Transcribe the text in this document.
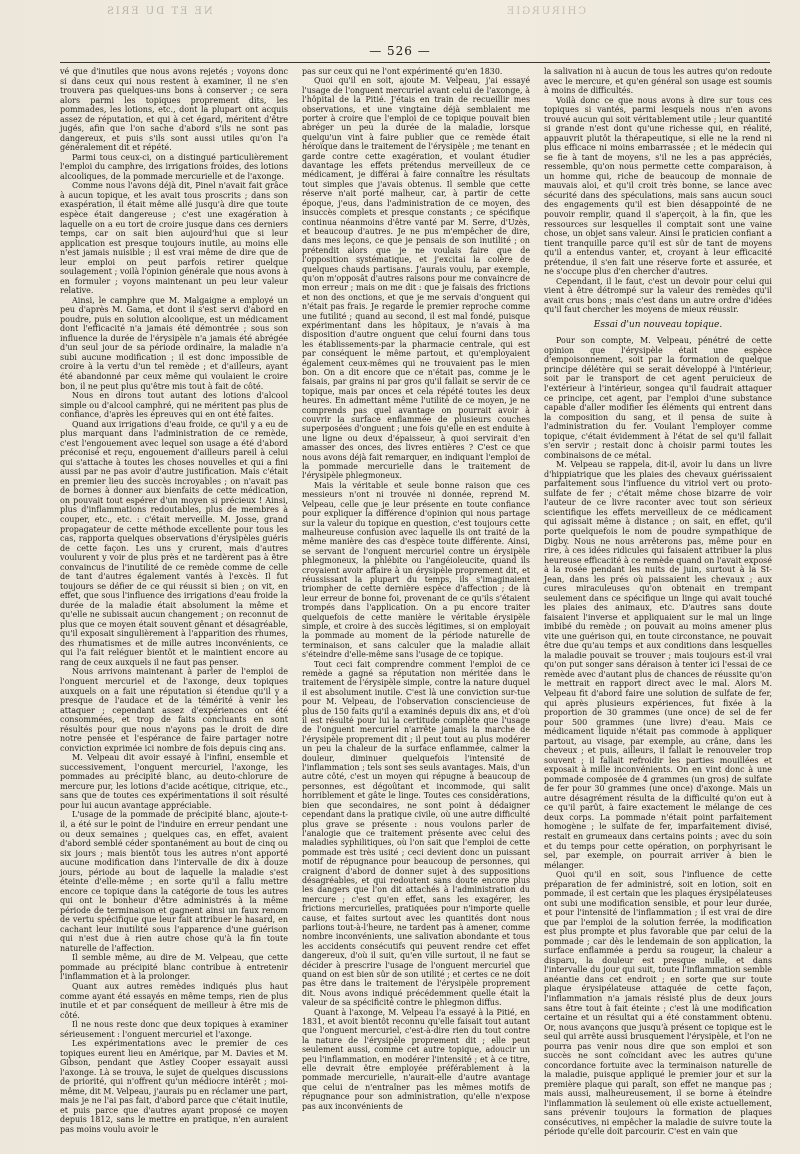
NE ET DU ERIS	CHIRURGIE
— 526 —

vé que d'inutiles que nous avons rejetés ; voyons donc si dans ceux qui nous restent à examiner, il ne s'en trouvera pas quelques-uns bons à conserver ; ce sera alors parmi les topiques proprement dits, les pommades, les lotions, etc., dont la plupart ont acquis assez de réputation, et qui à cet égard, méritent d'être jugés, afin que l'on sache d'abord s'ils ne sont pas dangereux, et puis s'ils sont aussi utiles qu'on l'a généralement dit et répété.

Parmi tous ceux-ci, on a distingué particulièrement l'emploi du camphre, des irrigations froides, des lotions alcooliques, de la pommade mercurielle et de l'axonge.

Comme nous l'avons déjà dit, Pinel n'avait fait grâce à aucun topique, et les avait tous proscrits ; dans son exaspération, il était même allé jusqu'à dire que toute espèce était dangereuse ; c'est une exagération à laquelle on a eu tort de croire jusque dans ces derniers temps, car on sait bien aujourd'hui que si leur application est presque toujours inutile, au moins elle n'est jamais nuisible ; il est vrai même de dire que de leur emploi on peut parfois retirer quelque soulagement ; voilà l'opinion générale que nous avons à en formuler ; voyons maintenant un peu leur valeur relative.

Ainsi, le camphre que M. Malgaigne a employé un peu d'après M. Gama, et dont il s'est servi d'abord en poudre, puis en solution alcoolique, est un médicament dont l'efficacité n'a jamais été démontrée ; sous son influence la durée de l'érysipèle n'a jamais été abrégée d'un seul jour de sa période ordinaire, la maladie n'a subi aucune modification ; il est donc impossible de croire à la vertu d'un tel remède ; et d'ailleurs, ayant été abandonné par ceux même qui voulaient le croire bon, il ne peut plus qu'être mis tout à fait de côté.

Nous en dirons tout autant des lotions d'alcool simple ou d'alcool camphré, qui ne méritent pas plus de confiance, d'après les épreuves qui en ont été faites.

Quand aux irrigations d'eau froide, ce qu'il y a eu de plus marquant dans l'administration de ce remède, c'est l'engouement avec lequel son usage a été d'abord préconisé et reçu, engouement d'ailleurs pareil à celui qui s'attache à toutes les choses nouvelles et qui a fini aussi par ne pas avoir d'autre justification. Mais c'était en premier lieu des succès incroyables ; on n'avait pas de bornes à donner aux bienfaits de cette médication, on pouvait tout espérer d'un moyen si précieux ! Ainsi, plus d'inflammations redoutables, plus de membres à couper, etc., etc. : c'était merveille. M. Josse, grand propagateur de cette méthode excellente pour tous les cas, rapporta quelques observations d'érysipèles guéris de cette façon. Les uns y crurent, mais d'autres voulurent y voir de plus près et ne tardèrent pas à être convaincus de l'inutilité de ce remède comme de celle de tant d'autres également vantés à l'excès. Il fut toujours se défier de ce qui réussit si bien ; on vit, en effet, que sous l'influence des irrigations d'eau froide la durée de la maladie était absolument la même et qu'elle ne subissait aucun changement ; on reconnut de plus que ce moyen était souvent gênant et désagréable, qu'il exposait singulièrement à l'apparition des rhumes, des rhumatismes et de mille autres inconvénients, ce qui l'a fait reléguer bientôt et le maintient encore au rang de ceux auxquels il ne faut pas penser.

Nous arrivons maintenant à parler de l'emploi de l'onguent mercuriel et de l'axonge, deux topiques auxquels on a fait une réputation si étendue qu'il y a presque de l'audace et de la témérité à venir les attaquer ; cependant assez d'expériences ont été consommées, et trop de faits concluants en sont résultés pour que nous n'ayons pas le droit de dire notre pensée et l'espérance de faire partager notre conviction exprimée ici nombre de fois depuis cinq ans.

M. Velpeau dit avoir essayé à l'infini, ensemble et successivement, l'onguent mercuriel, l'axonge, les pommades au précipité blanc, au deuto-chlorure de mercure pur, les lotions d'acide acétique, citrique, etc., sans que de toutes ces expérimentations il soit résulté pour lui aucun avantage appréciable.

L'usage de la pommade de précipité blanc, ajoute-t-il, a été sur le point de l'induire en erreur pendant une ou deux semaines ; quelques cas, en effet, avaient d'abord semblé céder spontanément au bout de cinq ou six jours ; mais bientôt tous les autres n'ont apporté aucune modification dans l'intervalle de dix à douze jours, période au bout de laquelle la maladie s'est éteinte d'elle-même ; en sorte qu'il a fallu mettre encore ce topique dans la catégorie de tous les autres qui ont le bonheur d'être administrés à la même période de terminaison et gagnent ainsi un faux renom de vertu spécifique que leur fait attribuer le hasard, en cachant leur inutilité sous l'apparence d'une guérison qui n'est due à rien autre chose qu'à la fin toute naturelle de l'affection.

Il semble même, au dire de M. Velpeau, que cette pommade au précipité blanc contribue à entretenir l'inflammation et à la prolonger.

Quant aux autres remèdes indiqués plus haut comme ayant été essayés en même temps, rien de plus inutile et et par conséquent de meilleur à être mis de côté.

Il ne nous reste donc que deux topiques à examiner sérieusement : l'onguent mercuriel et l'axonge.

Les expérimentations avec le premier de ces topiques eurent lieu en Amérique, par M. Davies et M. Gibson, pendant que Astley Cooper essayait aussi l'axonge. Là se trouva, le sujet de quelques discussions de priorité, qui n'offrent qu'un médiocre intérêt ; moi-même, dit M. Velpeau, j'aurais pu en réclamer une part, mais je ne l'ai pas fait, d'abord parce que c'était inutile, et puis parce que d'autres ayant proposé ce moyen depuis 1812, sans le mettre en pratique, n'en auraient pas moins voulu avoir le

pas sur ceux qui ne l'ont expérimenté qu'en 1830.

Quoi qu'il en soit, ajoute M. Velpeau, j'ai essayé l'usage de l'onguent mercuriel avant celui de l'axonge, à l'hôpital de la Pitié. J'étais en train de recueillir mes observations, et une vingtaine déjà semblaient me porter à croire que l'emploi de ce topique pouvait bien abréger un peu la durée de la maladie, lorsque quelqu'un vint à faire publier que ce remède était héroïque dans le traitement de l'érysipèle ; me tenant en garde contre cette exagération, et voulant étudier davantage les effets prétendus merveilleux de ce médicament, je différai à faire connaître les résultats tout simples que j'avais obtenus. Il semble que cette réserve n'ait porté malheur, car, à partir de cette époque, j'eus, dans l'administration de ce moyen, des insuccès complets et presque constants ; ce spécifique continua néanmoins d'être vanté par M. Serre, d'Uzès, et beaucoup d'autres. Je ne pus m'empêcher de dire, dans mes leçons, ce que je pensais de son inutilité ; on prétendit alors que je ne voulais faire que de l'opposition systématique, et j'excitai la colère de quelques chauds partisans. J'aurais voulu, par exemple, qu'on m'opposât d'autres raisons pour me convaincre de mon erreur ; mais on me dit : que je faisais des frictions et non des onctions, et que je me servais d'onguent qui n'était pas frais. Je regarde le premier reproche comme une futilité ; quand au second, il est mal fondé, puisque expérimentant dans les hôpitaux, je n'avais à ma disposition d'autre onguent que celui fourni dans tous les établissements-par la pharmacie centrale, qui est par conséquent le même partout, et qu'employaient également ceux-mêmes qui ne trouvaient pas le mien bon. On a dit encore que ce n'était pas, comme je le faisais, par grains ni par gros qu'il fallait se servir de ce topique, mais par onces et cela répété toutes les deux heures. En admettant même l'utilité de ce moyen, je ne comprends pas quel avantage on pourrait avoir à couvrir la surface enflammée de plusieurs couches superposées d'onguent ; une fois qu'elle en est enduite à une ligne ou deux d'épaisseur, à quoi servirait d'en amasser des onces, des livres entières ? C'est ce que nous avons déjà fait remarquer, en indiquant l'emploi de la pommade mercurielle dans le traitement de l'érysipèle phlegmoneux.

Mais la véritable et seule bonne raison que ces messieurs n'ont ni trouvée ni donnée, reprend M. Velpeau, celle que je leur présente en toute confiance pour expliquer la différence d'opinion qui nous partage sur la valeur du topique en question, c'est toujours cette malheureuse confusion avec laquelle ils ont traité de la même manière des cas d'espèce toute différente. Ainsi, se servant de l'onguent mercuriel contre un érysipèle phlegmoneux, la phlébite ou l'angéioleucite, quand ils croyaient avoir affaire à un érysipèle proprement dit, et réussissant la plupart du temps, ils s'imaginaient triompher de cette dernière espèce d'affection ; de là leur erreur de bonne foi, provenant de ce qu'ils s'étaient trompés dans l'application. On a pu encore traiter quelquefois de cette manière le véritable érysipèle simple, et croire à des succès légitimes, si on employait la pommade au moment de la période naturelle de terminaison, et sans calculer que la maladie allait s'éteindre d'elle-même sans l'usage de ce topique.

Tout ceci fait comprendre comment l'emploi de ce remède a gagné sa réputation non méritée dans le traitement de l'érysipèle simple, contre la nature duquel il est absolument inutile. C'est là une conviction sur-tue pour M. Velpeau, de l'observation consciencieuse de plus de 150 faits qu'il a examinés depuis dix ans, et d'où il est résulté pour lui la certitude complète que l'usage de l'onguent mercuriel n'arrête jamais la marche de l'érysipèle proprement dit ; il peut tout au plus modérer un peu la chaleur de la surface enflammée, calmer la douleur, diminuer quelquefois l'intensité de l'inflammation ; tels sont ses seuls avantages. Mais, d'un autre côté, c'est un moyen qui répugne à beaucoup de personnes, est dégoûtant et incommode, qui salit horriblement et gâte le linge. Toutes ces considérations, bien que secondaires, ne sont point à dédaigner cependant dans la pratique civile, où une autre difficulté plus grave se présente : nous voulons parler de l'analogie que ce traitement présente avec celui des maladies syphilitiques, où l'on sait que l'emploi de cette pommade est très usité ; ceci devient donc un puissant motif de répugnance pour beaucoup de personnes, qui craignent d'abord de donner sujet à des suppositions désagréables, et qui redoutent sans doute encore plus les dangers que l'on dit attachés à l'administration du mercure ; c'est qu'en effet, sans les exagérer, les frictions mercurielles, pratiquées pour n'importe quelle cause, et faites surtout avec les quantités dont nous parlions tout-à-l'heure, ne tardent pas à amener, comme nombre inconvénients, une salivation abondante et tous les accidents consécutifs qui peuvent rendre cet effet dangereux, d'où il suit, qu'en ville surtout, il ne faut se décider à prescrire l'usage de l'onguent mercuriel que quand on est bien sûr de son utilité ; et certes ce ne doit pas être dans le traitement de l'érysipèle proprement dit. Nous avons indiqué précédemment quelle était la valeur de sa spécificité contre le phlegmon diffus.

Quant à l'axonge, M. Velpeau l'a essayé à la Pitié, en 1831, et avoit bientôt reconnu qu'elle faisait tout autant que l'onguent mercuriel, c'est-à-dire rien du tout contre la nature de l'érysipèle proprement dit ; elle peut seulement aussi, comme cet autre topique, adoucir un peu l'inflammation, en modérer l'intensité ; et à ce titre, elle devrait être employée préférablement à la pommade mercurielle, n'aurait-elle d'autre avantage que celui de n'entraîner pas les mêmes motifs de répugnance pour son administration, qu'elle n'expose pas aux inconvénients de

la salivation ni à aucun de tous les autres qu'on redoute avec le mercure, et qu'en général son usage est soumis à moins de difficultés.

Voilà donc ce que nous avons à dire sur tous ces topiques si vantés, parmi lesquels nous n'en avons trouvé aucun qui soit véritablement utile ; leur quantité si grande n'est dont qu'une richesse qui, en réalité, appauvrit plutôt la thérapeutique, si elle ne la rend ni plus efficace ni moins embarrassée ; et le médecin qui se fie à tant de moyens, s'il ne les a pas appréciés, ressemble, qu'on nous permette cette comparaison, à un homme qui, riche de beaucoup de monnaie de mauvais aloi, et qu'il croit très bonne, se lance avec sécurité dans des spéculations, mais sans aucun souci des engagements qu'il est bien désappointé de ne pouvoir remplir, quand il s'aperçoit, à la fin, que les ressources sur lesquelles il comptait sont une vaine chose, un objet sans valeur. Ainsi le praticien confiant a tient tranquille parce qu'il est sûr de tant de moyens qu'il a entendus vanter, et, croyant à leur efficacité prétendue, il s'en fait une réserve forte et assurée, et ne s'occupe plus d'en chercher d'autres.

Cependant, il le faut, c'est un devoir pour celui qui vient à être détrompé sur la valeur des remèdes qu'il avait crus bons ; mais c'est dans un autre ordre d'idées qu'il faut chercher les moyens de mieux réussir.

Essai d'un nouveau topique.

Pour son compte, M. Velpeau, pénétré de cette opinion que l'érysipèle était une espèce d'empoisonnement, soit par la formation de quelque principe délétère qui se serait développé à l'intérieur, soit par le transport de cet agent peruicieux de l'extérieur à l'intérieur, songea qu'il faudrait attaquer ce principe, cet agent, par l'emploi d'une substance capable d'aller modifier les éléments qui entrent dans la composition du sang, et il pensa de suite à l'administration du fer. Voulant l'employer comme topique, c'était évidemment à l'état de sel qu'il fallait s'en servir ; restait donc à choisir parmi toutes les combinaisons de ce métal.

M. Velpeau se rappela, dit-il, avoir lu dans un livre d'hippiatrique que les plaies des chevaux guérissaient parfaitement sous l'influence du vitriol vert ou proto-sulfate de fer ; c'était même chose bizarre de voir l'auteur de ce livre raconter avec tout son sérieux scientifique les effets merveilleux de ce médicament qui agissait même à distance ; on sait, en effet, qu'il porte quelquefois le nom de poudre sympathique de Digby. Nous ne nous arrêterons pas, même pour en rire, à ces idées ridicules qui faisaient attribuer la plus heureuse efficacité à ce remède quand on l'avait exposé à la rosée pendant les nuits de juin, surtout à la St-Jean, dans les prés où paissaient les chevaux ; aux cures miraculeuses qu'on obtenait en trempant seulement dans ce spécifique un linge qui avait touché les plaies des animaux, etc. D'autres sans doute faisaient l'inverse et appliquaient sur le mal un linge imbibé du remède ; on pouvait au moins amener plus vite une guérison qui, en toute circonstance, ne pouvait être due qu'au temps et aux conditions dans lesquelles la maladie pouvait se trouver ; mais toujours est-il vrai qu'on put songer sans déraison à tenter ici l'essai de ce remède avec d'autant plus de chances de réussite qu'on le mettrait en rapport direct avec le mal. Alors M. Velpeau fit d'abord faire une solution de sulfate de fer, qui après plusieurs expériences, fut fixée à la proportion de 30 grammes (une once) de sel de fer pour 500 grammes (une livre) d'eau. Mais ce médicament liquide n'était pas commode à appliquer partout, au visage, par exemple, au crâne, dans les cheveux ; et puis, ailleurs, il fallait le renouveler trop souvent ; il fallait refroidir les parties mouillées et exposait à mille inconvénients. On en vint donc à une pommade composée de 4 grammes (un gros) de sulfate de fer pour 30 grammes (une once) d'axonge. Mais un autre désagrément résulta de la difficulté qu'on eut à ce qu'il parût, à faire exactement le mélange de ces deux corps. La pommade n'était point parfaitement homogène ; le sulfate de fer, imparfaitement divisé, restait en grumeaux dans certains points ; avec du soin et du temps pour cette opération, on porphyrisant le sel, par exemple, on pourrait arriver à bien le mélanger.

Quoi qu'il en soit, sous l'influence de cette préparation de fer administré, soit en lotion, soit en pommade, il est certain que les plaques érysipélateuses ont subi une modification sensible, et pour leur durée, et pour l'intensité de l'inflammation ; il est vrai de dire que par l'emploi de la solution ferrée, la modification est plus prompte et plus favorable que par celui de la pommade ; car dès le lendemain de son application, la surface enflammée a perdu sa rougeur, la chaleur a disparu, la douleur est presque nulle, et dans l'intervalle du jour qui suit, toute l'inflammation semble anéantie dans cet endroit ; en sorte que sur toute plaque érysipélateuse attaquée de cette façon, l'inflammation n'a jamais résisté plus de deux jours sans être tout à fait éteinte ; c'est là une modification certaine et un résultat qui a été constamment obtenu. Or, nous avançons que jusqu'à présent ce topique est le seul qui arrête aussi brusquement l'érysipèle, et l'on ne pourra pas venir nous dire que son emploi et son succès ne sont coïncidant avec les autres qu'une concordance fortuite avec la terminaison naturelle de la maladie, puisque appliqué le premier jour et sur la première plaque qui paraît, son effet ne manque pas ; mais aussi, malheureusement, il se borne à éteindre l'inflammation là seulement où elle existe actuellement, sans prévenir toujours la formation de plaques consécutives, ni empêcher la maladie de suivre toute la période qu'elle doit parcourir. C'est en vain que
